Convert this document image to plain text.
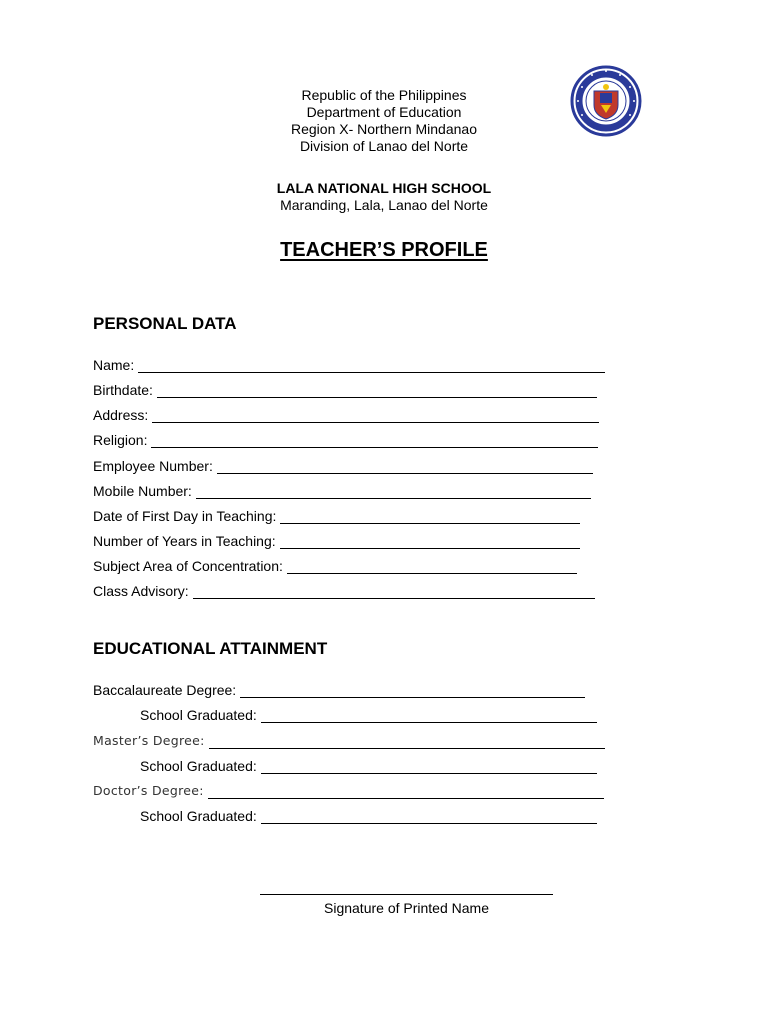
Republic of the Philippines
Department of Education
Region X- Northern Mindanao
Division of Lanao del Norte
LALA NATIONAL HIGH SCHOOL
Maranding, Lala, Lanao del Norte
TEACHER’S PROFILE
PERSONAL DATA
Name:
Birthdate:
Address:
Religion:
Employee Number:
Mobile Number:
Date of First Day in Teaching:
Number of Years in Teaching:
Subject Area of Concentration:
Class Advisory:
EDUCATIONAL ATTAINMENT
Baccalaureate Degree:
School Graduated:
Master’s Degree:
School Graduated:
Doctor’s Degree:
School Graduated:
Signature of Printed Name
